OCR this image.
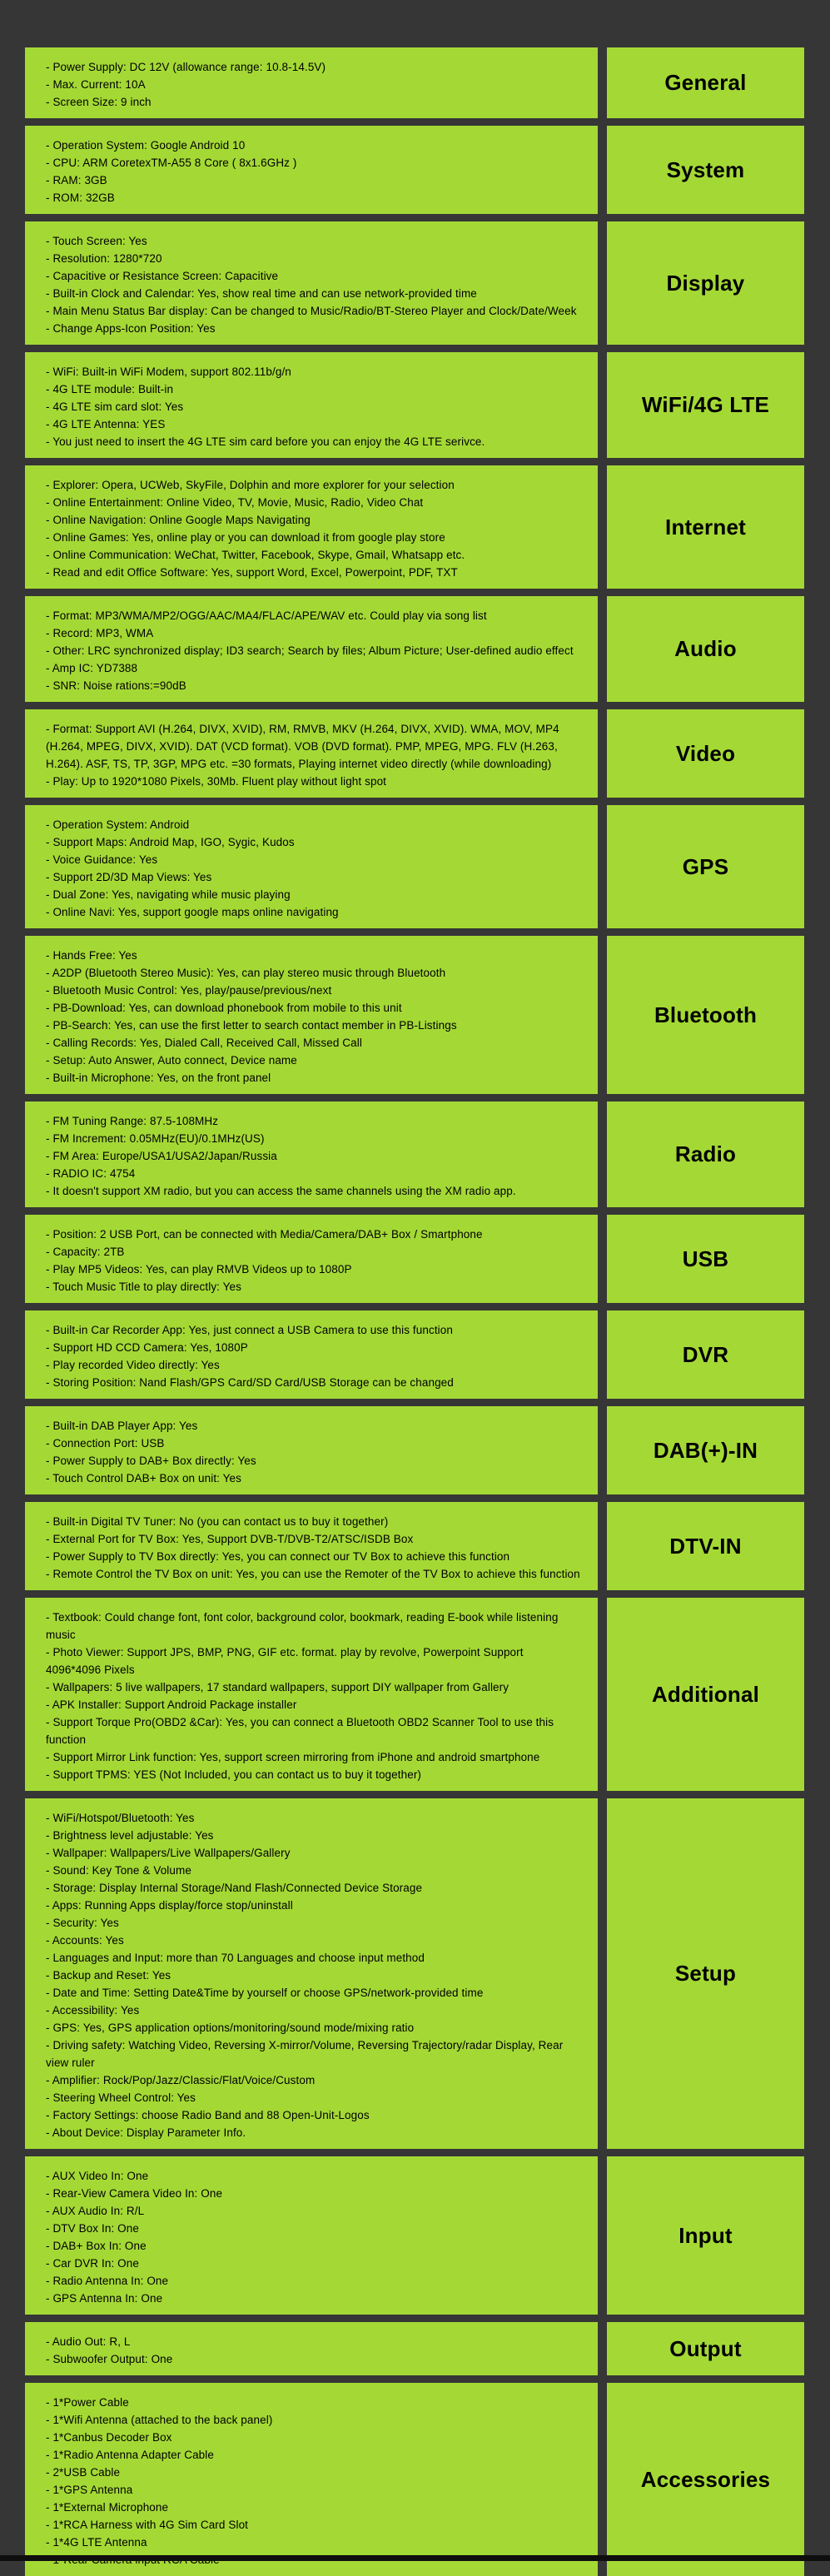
- Power Supply: DC 12V (allowance range: 10.8-14.5V)
- Max. Current: 10A
- Screen Size: 9 inch
General
- Operation System: Google Android 10
- CPU: ARM CoretexTM-A55 8 Core ( 8x1.6GHz )
- RAM: 3GB
- ROM: 32GB
System
- Touch Screen: Yes
- Resolution: 1280*720
- Capacitive or Resistance Screen: Capacitive
- Built-in Clock and Calendar: Yes, show real time and can use network-provided time
- Main Menu Status Bar display: Can be changed to Music/Radio/BT-Stereo Player and Clock/Date/Week
- Change Apps-Icon Position: Yes
Display
- WiFi: Built-in WiFi Modem, support 802.11b/g/n
- 4G LTE module: Built-in
- 4G LTE sim card slot: Yes
- 4G LTE Antenna: YES
- You just need to insert the 4G LTE sim card before you can enjoy the 4G LTE serivce.
WiFi/4G LTE
- Explorer: Opera, UCWeb, SkyFile, Dolphin and more explorer for your selection
- Online Entertainment: Online Video, TV, Movie, Music, Radio, Video Chat
- Online Navigation: Online Google Maps Navigating
- Online Games: Yes, online play or you can download it from google play store
- Online Communication: WeChat, Twitter, Facebook, Skype, Gmail, Whatsapp etc.
- Read and edit Office Software: Yes, support Word, Excel, Powerpoint, PDF, TXT
Internet
- Format: MP3/WMA/MP2/OGG/AAC/MA4/FLAC/APE/WAV etc. Could play via song list
- Record: MP3, WMA
- Other: LRC synchronized display; ID3 search; Search by files; Album Picture; User-defined audio effect
- Amp IC: YD7388
- SNR: Noise rations:=90dB
Audio
- Format: Support AVI (H.264, DIVX, XVID), RM, RMVB, MKV (H.264, DIVX, XVID). WMA, MOV, MP4 (H.264, MPEG, DIVX, XVID). DAT (VCD format). VOB (DVD format). PMP, MPEG, MPG. FLV (H.263, H.264). ASF, TS, TP, 3GP, MPG etc. =30 formats, Playing internet video directly (while downloading)
- Play: Up to 1920*1080 Pixels, 30Mb. Fluent play without light spot
Video
- Operation System: Android
- Support Maps: Android Map, IGO, Sygic, Kudos
- Voice Guidance: Yes
- Support 2D/3D Map Views: Yes
- Dual Zone: Yes, navigating while music playing
- Online Navi: Yes, support google maps online navigating
GPS
- Hands Free: Yes
- A2DP (Bluetooth Stereo Music): Yes, can play stereo music through Bluetooth
- Bluetooth Music Control: Yes, play/pause/previous/next
- PB-Download: Yes, can download phonebook from mobile to this unit
- PB-Search: Yes, can use the first letter to search contact member in PB-Listings
- Calling Records: Yes, Dialed Call, Received Call, Missed Call
- Setup: Auto Answer, Auto connect, Device name
- Built-in Microphone: Yes, on the front panel
Bluetooth
- FM Tuning Range: 87.5-108MHz
- FM Increment: 0.05MHz(EU)/0.1MHz(US)
- FM Area: Europe/USA1/USA2/Japan/Russia
- RADIO IC: 4754
- It doesn't support XM radio, but you can access the same channels using the XM radio app.
Radio
- Position: 2 USB Port, can be connected with Media/Camera/DAB+ Box / Smartphone
- Capacity: 2TB
- Play MP5 Videos: Yes, can play RMVB Videos up to 1080P
- Touch Music Title to play directly: Yes
USB
- Built-in Car Recorder App: Yes, just connect a USB Camera to use this function
- Support HD CCD Camera: Yes, 1080P
- Play recorded Video directly: Yes
- Storing Position: Nand Flash/GPS Card/SD Card/USB Storage can be changed
DVR
- Built-in DAB Player App: Yes
- Connection Port: USB
- Power Supply to DAB+ Box directly: Yes
- Touch Control DAB+ Box on unit: Yes
DAB(+)-IN
- Built-in Digital TV Tuner: No (you can contact us to buy it together)
- External Port for TV Box: Yes, Support DVB-T/DVB-T2/ATSC/ISDB Box
- Power Supply to TV Box directly: Yes, you can connect our TV Box to achieve this function
- Remote Control the TV Box on unit: Yes, you can use the Remoter of the TV Box to achieve this function
DTV-IN
- Textbook: Could change font, font color, background color, bookmark, reading E-book while listening music
- Photo Viewer: Support JPS, BMP, PNG, GIF etc. format. play by revolve, Powerpoint Support 4096*4096 Pixels
- Wallpapers: 5 live wallpapers, 17 standard wallpapers, support DIY wallpaper from Gallery
- APK Installer: Support Android Package installer
- Support Torque Pro(OBD2 &Car): Yes, you can connect a Bluetooth OBD2 Scanner Tool to use this function
- Support Mirror Link function: Yes, support screen mirroring from iPhone and android smartphone
- Support TPMS: YES (Not Included, you can contact us to buy it together)
Additional
- WiFi/Hotspot/Bluetooth: Yes
- Brightness level adjustable: Yes
- Wallpaper: Wallpapers/Live Wallpapers/Gallery
- Sound: Key Tone & Volume
- Storage: Display Internal Storage/Nand Flash/Connected Device Storage
- Apps: Running Apps display/force stop/uninstall
- Security: Yes
- Accounts: Yes
- Languages and Input: more than 70 Languages and choose input method
- Backup and Reset: Yes
- Date and Time: Setting Date&Time by yourself or choose GPS/network-provided time
- Accessibility: Yes
- GPS: Yes, GPS application options/monitoring/sound mode/mixing ratio
- Driving safety: Watching Video, Reversing X-mirror/Volume, Reversing Trajectory/radar Display, Rear view ruler
- Amplifier: Rock/Pop/Jazz/Classic/Flat/Voice/Custom
- Steering Wheel Control: Yes
- Factory Settings: choose Radio Band and 88 Open-Unit-Logos
- About Device: Display Parameter Info.
Setup
- AUX Video In: One
- Rear-View Camera Video In: One
- AUX Audio In: R/L
- DTV Box In: One
- DAB+ Box In: One
- Car DVR In: One
- Radio Antenna In: One
- GPS Antenna In: One
Input
- Audio Out: R, L
- Subwoofer Output: One	Output
- 1*Power Cable
- 1*Wifi Antenna (attached to the back panel)
- 1*Canbus Decoder Box
- 1*Radio Antenna Adapter Cable
- 2*USB Cable
- 1*GPS Antenna
- 1*External Microphone
- 1*RCA Harness with 4G Sim Card Slot
- 1*4G LTE Antenna
Accessories
